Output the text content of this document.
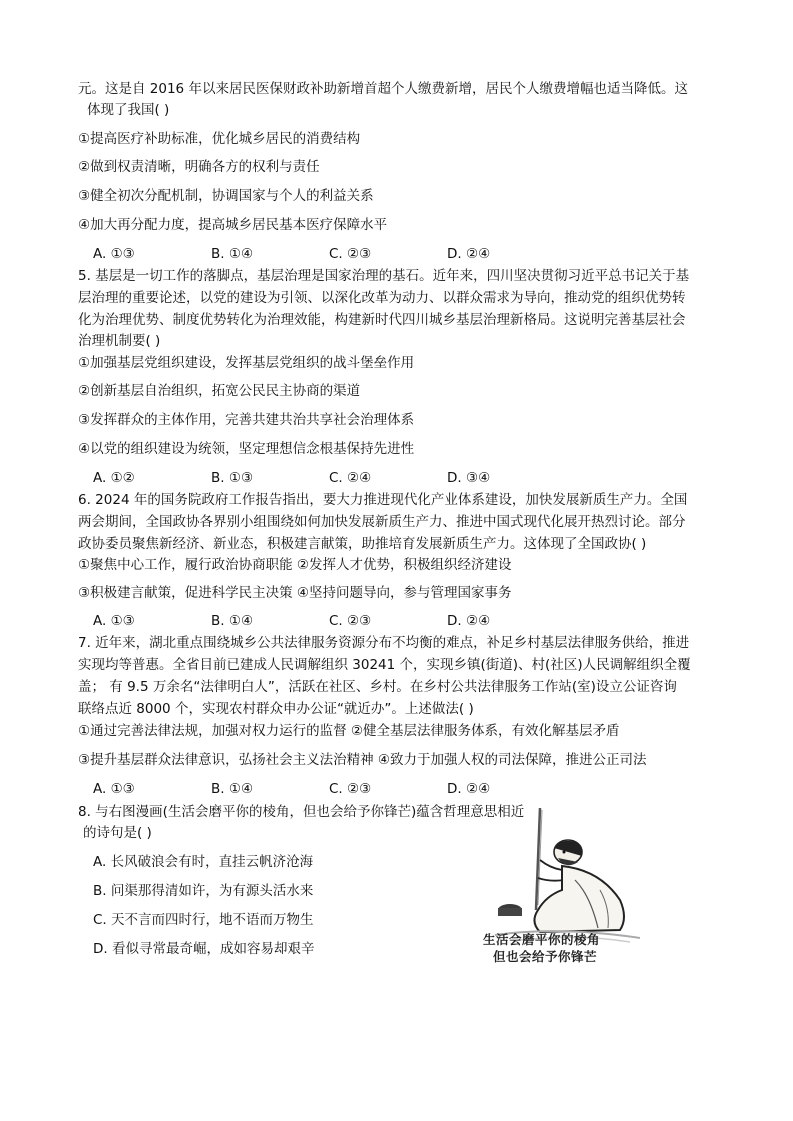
元。这是自 2016 年以来居民医保财政补助新增首超个人缴费新增，居民个人缴费增幅也适当降低。这
体现了我国( )
①提高医疗补助标准，优化城乡居民的消费结构
②做到权责清晰，明确各方的权利与责任
③健全初次分配机制，协调国家与个人的利益关系
④加大再分配力度，提高城乡居民基本医疗保障水平
A. ①③	B. ①④	C. ②③	D. ②④
5. 基层是一切工作的落脚点，基层治理是国家治理的基石。近年来，四川坚决贯彻习近平总书记关于基
层治理的重要论述，以党的建设为引领、以深化改革为动力、以群众需求为导向，推动党的组织优势转
化为治理优势、制度优势转化为治理效能，构建新时代四川城乡基层治理新格局。这说明完善基层社会
治理机制要( )
①加强基层党组织建设，发挥基层党组织的战斗堡垒作用
②创新基层自治组织，拓宽公民民主协商的渠道
③发挥群众的主体作用，完善共建共治共享社会治理体系
④以党的组织建设为统领，坚定理想信念根基保持先进性
A. ①②	B. ①③	C. ②④	D. ③④
6. 2024 年的国务院政府工作报告指出，要大力推进现代化产业体系建设，加快发展新质生产力。全国
两会期间，全国政协各界别小组围绕如何加快发展新质生产力、推进中国式现代化展开热烈讨论。部分
政协委员聚焦新经济、新业态，积极建言献策，助推培育发展新质生产力。这体现了全国政协( )
①聚焦中心工作，履行政治协商职能 ②发挥人才优势，积极组织经济建设
③积极建言献策，促进科学民主决策 ④坚持问题导向，参与管理国家事务
A. ①③	B. ①④	C. ②③	D. ②④
7. 近年来，湖北重点围绕城乡公共法律服务资源分布不均衡的难点，补足乡村基层法律服务供给，推进
实现均等普惠。全省目前已建成人民调解组织 30241 个，实现乡镇(街道)、村(社区)人民调解组织全覆
盖； 有 9.5 万余名“法律明白人”，活跃在社区、乡村。在乡村公共法律服务工作站(室)设立公证咨询
联络点近 8000 个，实现农村群众申办公证“就近办”。上述做法( )
①通过完善法律法规，加强对权力运行的监督 ②健全基层法律服务体系，有效化解基层矛盾
③提升基层群众法律意识，弘扬社会主义法治精神 ④致力于加强人权的司法保障，推进公正司法
A. ①③	B. ①④	C. ②③	D. ②④
8. 与右图漫画(生活会磨平你的棱角，但也会给予你锋芒)蕴含哲理意思相近
的诗句是( )
A. 长风破浪会有时，直挂云帆济沧海
B. 问渠那得清如许，为有源头活水来
C. 天不言而四时行，地不语而万物生
D. 看似寻常最奇崛，成如容易却艰辛
生活会磨平你的棱角
但也会给予你锋芒
